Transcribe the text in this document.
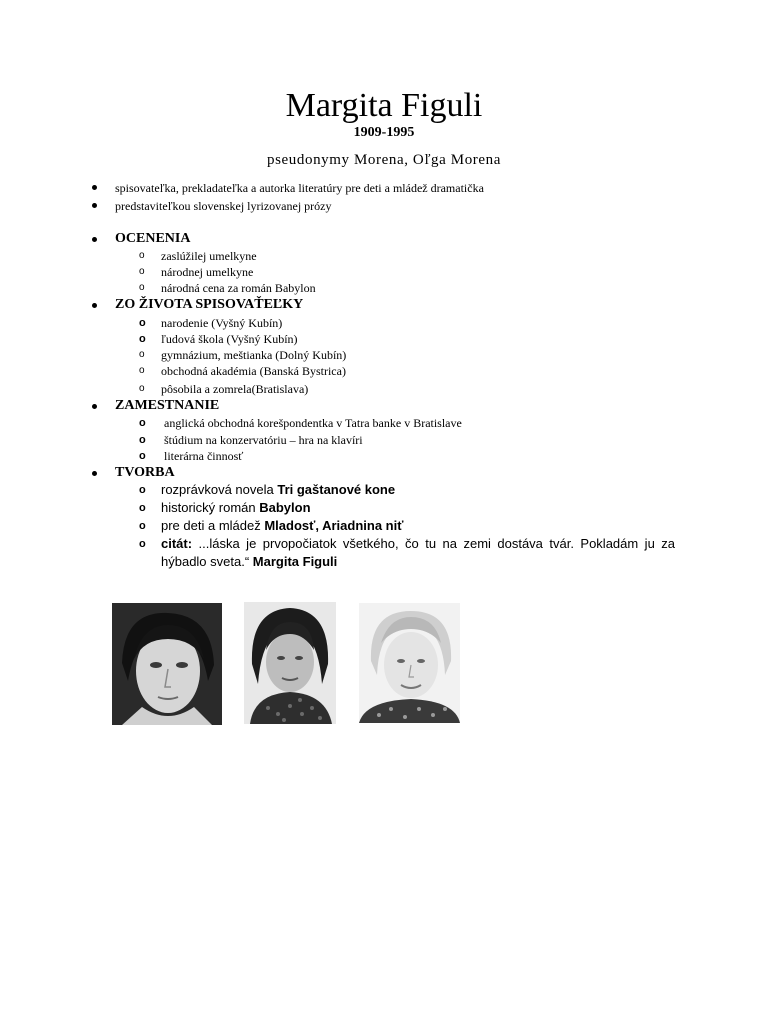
Margita Figuli
1909-1995
pseudonymy Morena, Oľga Morena
spisovateľka, prekladateľka a autorka literatúry pre deti a mládež dramatička
predstaviteľkou slovenskej lyrizovanej prózy
OCENENIA
o zaslúžilej umelkyne
o národnej umelkyne
o národná cena za román Babylon
ZO ŽIVOTA SPISOVAŤEĽKY
o narodenie (Vyšný Kubín)
o ľudová škola (Vyšný Kubín)
o gymnázium, meštianka (Dolný Kubín)
o obchodná akadémia (Banská Bystrica)
o pôsobila a zomrela(Bratislava)
ZAMESTNANIE
o anglická obchodná korešpondentka v Tatra banke v Bratislave
o štúdium na konzervatóriu – hra na klavíri
o literárna činnosť
TVORBA
o rozprávková novela Tri gaštanové kone
o historický román Babylon
o pre deti a mládež Mladosť, Ariadnina niť
o citát: ...láska je prvopočiatok všetkého, čo tu na zemi dostáva tvár. Pokladám ju za hýbadlo sveta.“ Margita Figuli
